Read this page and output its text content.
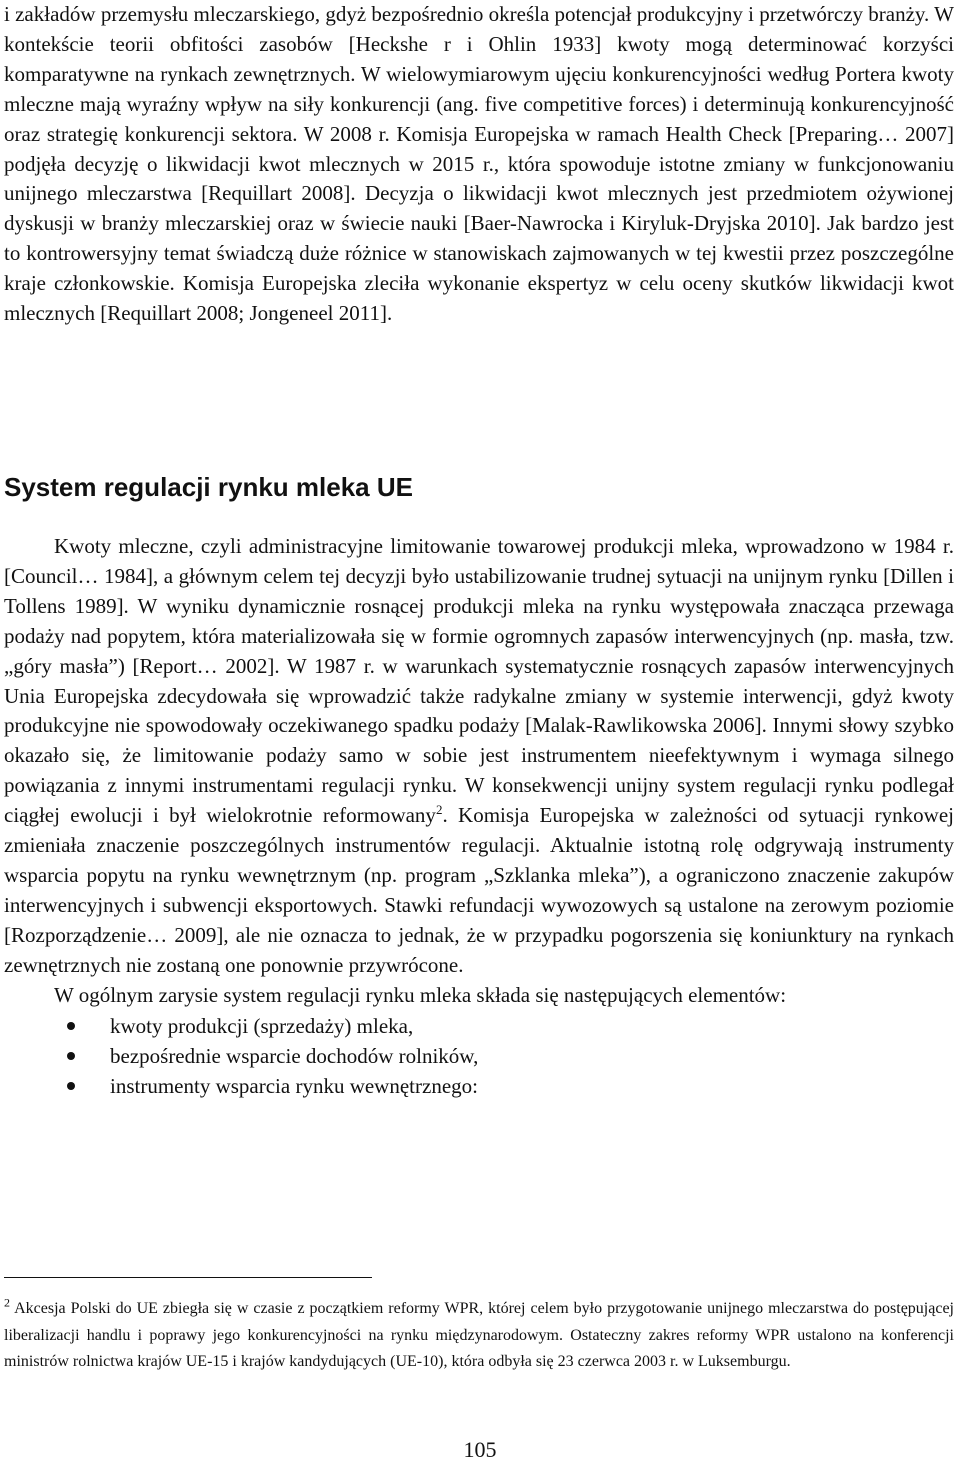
i zakładów przemysłu mleczarskiego, gdyż bezpośrednio określa potencjał produkcyjny i przetwórczy branży. W kontekście teorii obfitości zasobów [Heckshe r i Ohlin 1933] kwoty mogą determinować korzyści komparatywne na rynkach zewnętrznych. W wielowymiarowym ujęciu konkurencyjności według Portera kwoty mleczne mają wyraźny wpływ na siły konkurencji (ang. five competitive forces) i determinują konkurencyjność oraz strategię konkurencji sektora. W 2008 r. Komisja Europejska w ramach Health Check [Preparing… 2007] podjęła decyzję o likwidacji kwot mlecznych w 2015 r., która spowoduje istotne zmiany w funkcjonowaniu unijnego mleczarstwa [Requillart 2008]. Decyzja o likwidacji kwot mlecznych jest przedmiotem ożywionej dyskusji w branży mleczarskiej oraz w świecie nauki [Baer-Nawrocka i Kiryluk-Dryjska 2010]. Jak bardzo jest to kontrowersyjny temat świadczą duże różnice w stanowiskach zajmowanych w tej kwestii przez poszczególne kraje członkowskie. Komisja Europejska zleciła wykonanie ekspertyz w celu oceny skutków likwidacji kwot mlecznych [Requillart 2008; Jongeneel 2011].

System regulacji rynku mleka UE

Kwoty mleczne, czyli administracyjne limitowanie towarowej produkcji mleka, wprowadzono w 1984 r. [Council… 1984], a głównym celem tej decyzji było ustabilizowanie trudnej sytuacji na unijnym rynku [Dillen i Tollens 1989]. W wyniku dynamicznie rosnącej produkcji mleka na rynku występowała znacząca przewaga podaży nad popytem, która materializowała się w formie ogromnych zapasów interwencyjnych (np. masła, tzw. „góry masła”) [Report… 2002]. W 1987 r. w warunkach systematycznie rosnących zapasów interwencyjnych Unia Europejska zdecydowała się wprowadzić także radykalne zmiany w systemie interwencji, gdyż kwoty produkcyjne nie spowodowały oczekiwanego spadku podaży [Malak-Rawlikowska 2006]. Innymi słowy szybko okazało się, że limitowanie podaży samo w sobie jest instrumentem nieefektywnym i wymaga silnego powiązania z innymi instrumentami regulacji rynku. W konsekwencji unijny system regulacji rynku podlegał ciągłej ewolucji i był wielokrotnie reformowany$^2$. Komisja Europejska w zależności od sytuacji rynkowej zmieniała znaczenie poszczególnych instrumentów regulacji. Aktualnie istotną rolę odgrywają instrumenty wsparcia popytu na rynku wewnętrznym (np. program „Szklanka mleka”), a ograniczono znaczenie zakupów interwencyjnych i subwencji eksportowych. Stawki refundacji wywozowych są ustalone na zerowym poziomie [Rozporządzenie… 2009], ale nie oznacza to jednak, że w przypadku pogorszenia się koniunktury na rynkach zewnętrznych nie zostaną one ponownie przywrócone.

W ogólnym zarysie system regulacji rynku mleka składa się następujących elementów:

kwoty produkcji (sprzedaży) mleka,
bezpośrednie wsparcie dochodów rolników,
instrumenty wsparcia rynku wewnętrznego:

$^2$ Akcesja Polski do UE zbiegła się w czasie z początkiem reformy WPR, której celem było przygotowanie unijnego mleczarstwa do postępującej liberalizacji handlu i poprawy jego konkurencyjności na rynku międzynarodowym. Ostateczny zakres reformy WPR ustalono na konferencji ministrów rolnictwa krajów UE-15 i krajów kandydujących (UE-10), która odbyła się 23 czerwca 2003 r. w Luksemburgu.

105
